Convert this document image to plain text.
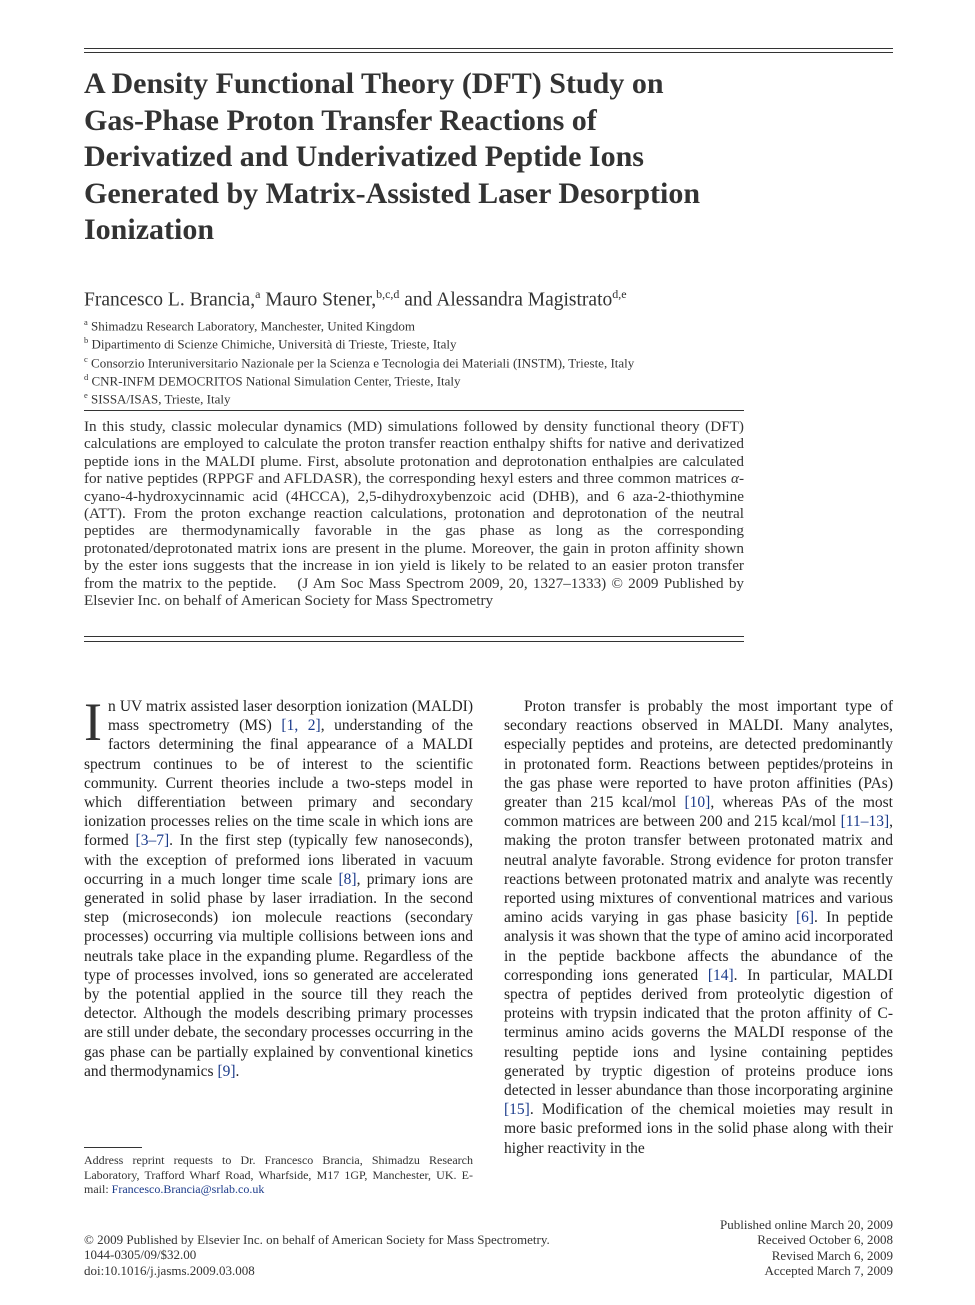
A Density Functional Theory (DFT) Study on Gas-Phase Proton Transfer Reactions of Derivatized and Underivatized Peptide Ions Generated by Matrix-Assisted Laser Desorption Ionization
Francesco L. Brancia,$^a$ Mauro Stener,$^{b,c,d}$ and Alessandra Magistrato$^{d,e}$
$^a$ Shimadzu Research Laboratory, Manchester, United Kingdom
$^b$ Dipartimento di Scienze Chimiche, Università di Trieste, Trieste, Italy
$^c$ Consorzio Interuniversitario Nazionale per la Scienza e Tecnologia dei Materiali (INSTM), Trieste, Italy
$^d$ CNR-INFM DEMOCRITOS National Simulation Center, Trieste, Italy
$^e$ SISSA/ISAS, Trieste, Italy

In this study, classic molecular dynamics (MD) simulations followed by density functional theory (DFT) calculations are employed to calculate the proton transfer reaction enthalpy shifts for native and derivatized peptide ions in the MALDI plume. First, absolute protonation and deprotonation enthalpies are calculated for native peptides (RPPGF and AFLDASR), the corresponding hexyl esters and three common matrices α-cyano-4-hydroxycinnamic acid (4HCCA), 2,5-dihydroxybenzoic acid (DHB), and 6 aza-2-thiothymine (ATT). From the proton exchange reaction calculations, protonation and deprotonation of the neutral peptides are thermodynamically favorable in the gas phase as long as the corresponding protonated/deprotonated matrix ions are present in the plume. Moreover, the gain in proton affinity shown by the ester ions suggests that the increase in ion yield is likely to be related to an easier proton transfer from the matrix to the peptide. (J Am Soc Mass Spectrom 2009, 20, 1327–1333) © 2009 Published by Elsevier Inc. on behalf of American Society for Mass Spectrometry

In UV matrix assisted laser desorption ionization (MALDI) mass spectrometry (MS) [1, 2], understanding of the factors determining the final appearance of a MALDI spectrum continues to be of interest to the scientific community. Current theories include a two-steps model in which differentiation between primary and secondary ionization processes relies on the time scale in which ions are formed [3–7]. In the first step (typically few nanoseconds), with the exception of preformed ions liberated in vacuum occurring in a much longer time scale [8], primary ions are generated in solid phase by laser irradiation. In the second step (microseconds) ion molecule reactions (secondary processes) occurring via multiple collisions between ions and neutrals take place in the expanding plume. Regardless of the type of processes involved, ions so generated are accelerated by the potential applied in the source till they reach the detector. Although the models describing primary processes are still under debate, the secondary processes occurring in the gas phase can be partially explained by conventional kinetics and thermodynamics [9].

Proton transfer is probably the most important type of secondary reactions observed in MALDI. Many analytes, especially peptides and proteins, are detected predominantly in protonated form. Reactions between peptides/proteins in the gas phase were reported to have proton affinities (PAs) greater than 215 kcal/mol [10], whereas PAs of the most common matrices are between 200 and 215 kcal/mol [11–13], making the proton transfer between protonated matrix and neutral analyte favorable. Strong evidence for proton transfer reactions between protonated matrix and analyte was recently reported using mixtures of conventional matrices and various amino acids varying in gas phase basicity [6]. In peptide analysis it was shown that the type of amino acid incorporated in the peptide backbone affects the abundance of the corresponding ions generated [14]. In particular, MALDI spectra of peptides derived from proteolytic digestion of proteins with trypsin indicated that the proton affinity of C-terminus amino acids governs the MALDI response of the resulting peptide ions and lysine containing peptides generated by tryptic digestion of proteins produce ions detected in lesser abundance than those incorporating arginine [15]. Modification of the chemical moieties may result in more basic preformed ions in the solid phase along with their higher reactivity in the

Address reprint requests to Dr. Francesco Brancia, Shimadzu Research Laboratory, Trafford Wharf Road, Wharfside, M17 1GP, Manchester, UK. E-mail: Francesco.Brancia@srlab.co.uk

© 2009 Published by Elsevier Inc. on behalf of American Society for Mass Spectrometry.
1044-0305/09/$32.00
doi:10.1016/j.jasms.2009.03.008
Published online March 20, 2009
Received October 6, 2008
Revised March 6, 2009
Accepted March 7, 2009
